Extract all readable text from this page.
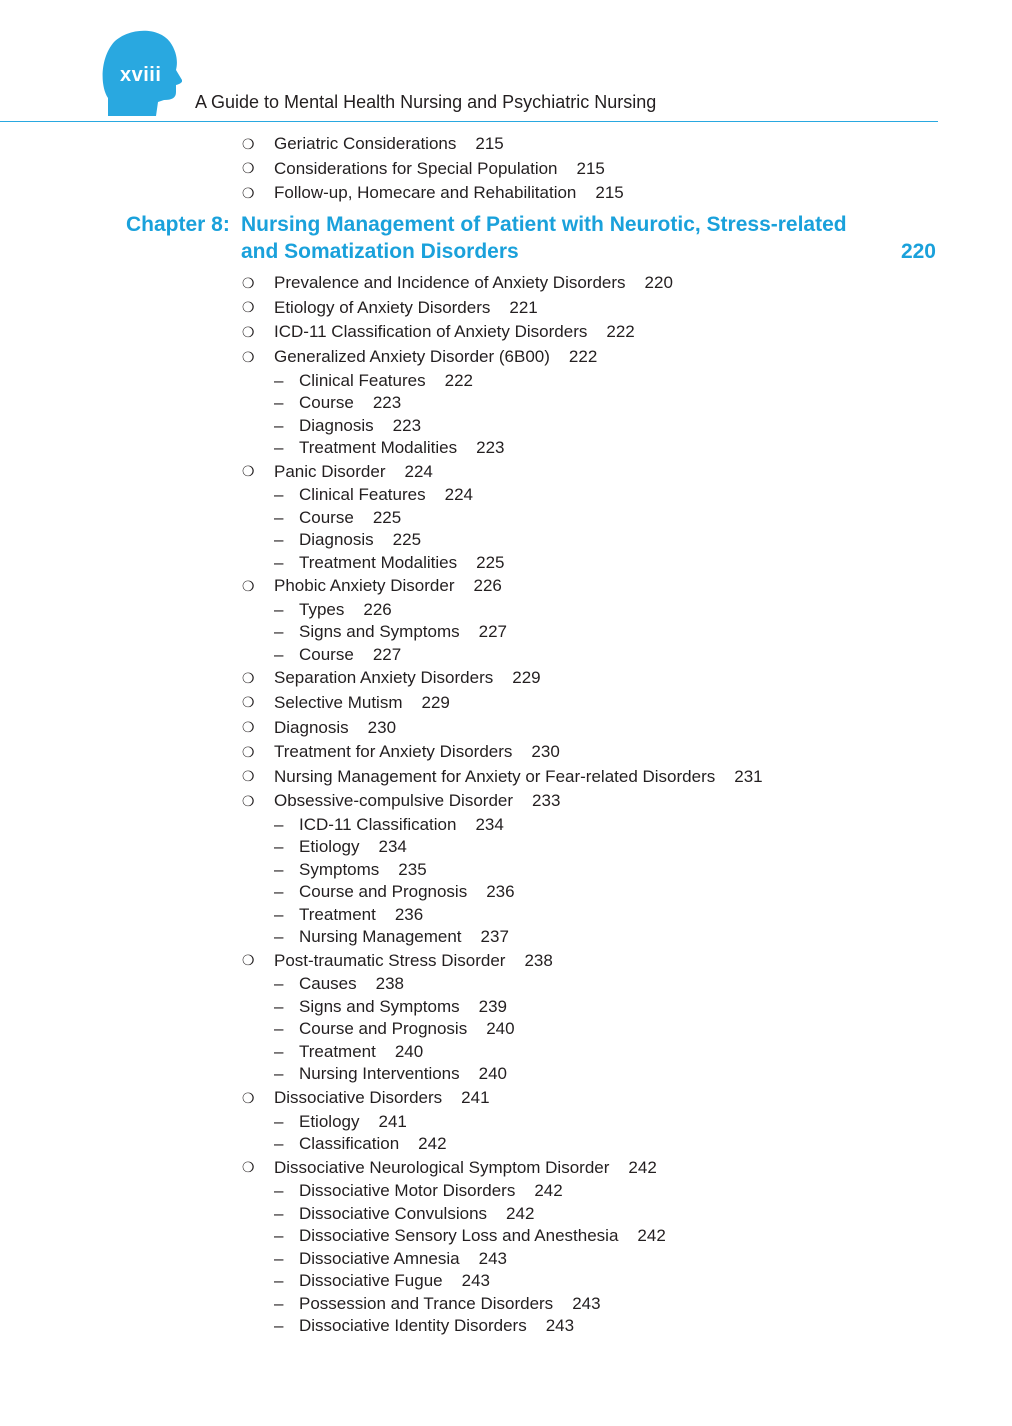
xviii
A Guide to Mental Health Nursing and Psychiatric Nursing
❍	Geriatric Considerations 215
❍	Considerations for Special Population 215
❍	Follow-up, Homecare and Rehabilitation 215
Chapter 8: Nursing Management of Patient with Neurotic, Stress-related
and Somatization Disorders	220
❍	Prevalence and Incidence of Anxiety Disorders 220
❍	Etiology of Anxiety Disorders 221
❍	ICD-11 Classification of Anxiety Disorders 222
❍	Generalized Anxiety Disorder (6B00) 222
– Clinical Features 222
– Course 223
– Diagnosis 223
– Treatment Modalities 223
❍	Panic Disorder 224
– Clinical Features 224
– Course 225
– Diagnosis 225
– Treatment Modalities 225
❍	Phobic Anxiety Disorder 226
– Types 226
– Signs and Symptoms 227
– Course 227
❍	Separation Anxiety Disorders 229
❍	Selective Mutism 229
❍	Diagnosis 230
❍	Treatment for Anxiety Disorders 230
❍	Nursing Management for Anxiety or Fear-related Disorders 231
❍	Obsessive-compulsive Disorder 233
– ICD-11 Classification 234
– Etiology 234
– Symptoms 235
– Course and Prognosis 236
– Treatment 236
– Nursing Management 237
❍	Post-traumatic Stress Disorder 238
– Causes 238
– Signs and Symptoms 239
– Course and Prognosis 240
– Treatment 240
– Nursing Interventions 240
❍	Dissociative Disorders 241
– Etiology 241
– Classification 242
❍	Dissociative Neurological Symptom Disorder 242
– Dissociative Motor Disorders 242
– Dissociative Convulsions 242
– Dissociative Sensory Loss and Anesthesia 242
– Dissociative Amnesia 243
– Dissociative Fugue 243
– Possession and Trance Disorders 243
– Dissociative Identity Disorders 243
